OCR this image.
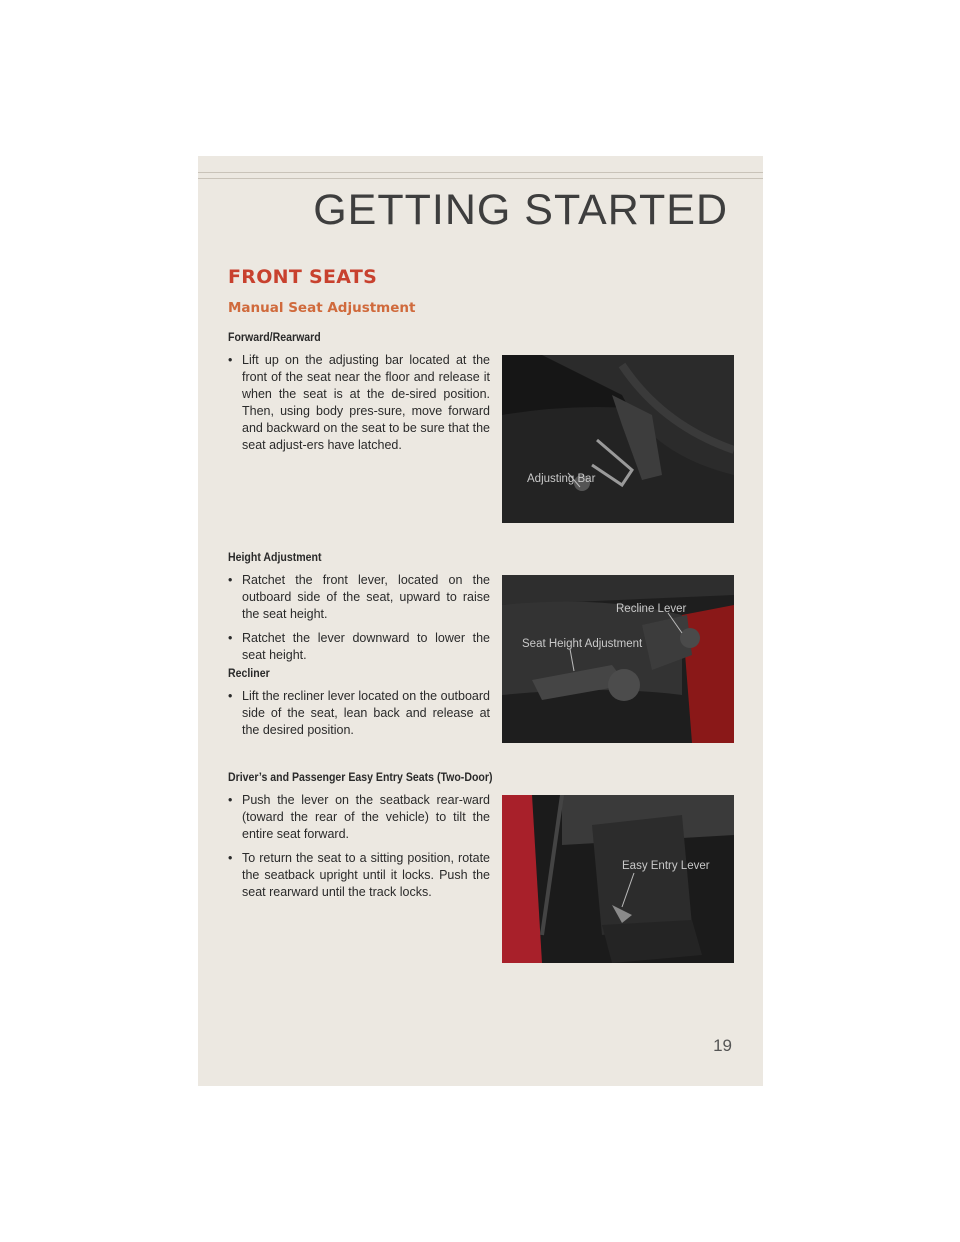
GETTING STARTED
FRONT SEATS
Manual Seat Adjustment
Forward/Rearward
• Lift up on the adjusting bar located at the front of the seat near the floor and release it when the seat is at the de-sired position. Then, using body pres-sure, move forward and backward on the seat to be sure that the seat adjust-ers have latched.
Adjusting Bar
Height Adjustment
• Ratchet the front lever, located on the outboard side of the seat, upward to raise the seat height.
• Ratchet the lever downward to lower the seat height.
Recliner
• Lift the recliner lever located on the outboard side of the seat, lean back and release at the desired position.
Recline Lever
Seat Height Adjustment
Driver’s and Passenger Easy Entry Seats (Two-Door)
• Push the lever on the seatback rear-ward (toward the rear of the vehicle) to tilt the entire seat forward.
• To return the seat to a sitting position, rotate the seatback upright until it locks. Push the seat rearward until the track locks.
Easy Entry Lever
19
